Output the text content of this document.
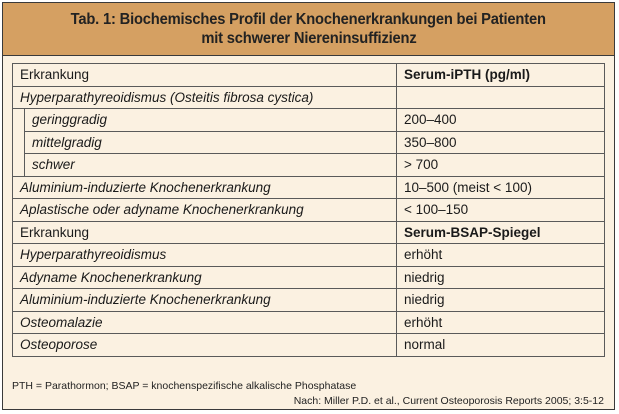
Tab. 1: Biochemisches Profil der Knochenerkrankungen bei Patienten
mit schwerer Niereninsuffizienz
Erkrankung		Serum-iPTH (pg/ml)
Hyperparathyreoidismus (Osteitis fibrosa cystica)		
	geringgradig	200–400
	mittelgradig	350–800
	schwer	> 700
Aluminium-induzierte Knochenerkrankung		10–500 (meist < 100)
Aplastische oder adyname Knochenerkrankung		< 100–150
Erkrankung		Serum-BSAP-Spiegel
Hyperparathyreoidismus		erhöht
Adyname Knochenerkrankung		niedrig
Aluminium-induzierte Knochenerkrankung		niedrig
Osteomalazie		erhöht
Osteoporose		normal
PTH = Parathormon; BSAP = knochenspezifische alkalische Phosphatase
Nach: Miller P.D. et al., Current Osteoporosis Reports 2005; 3:5-12
